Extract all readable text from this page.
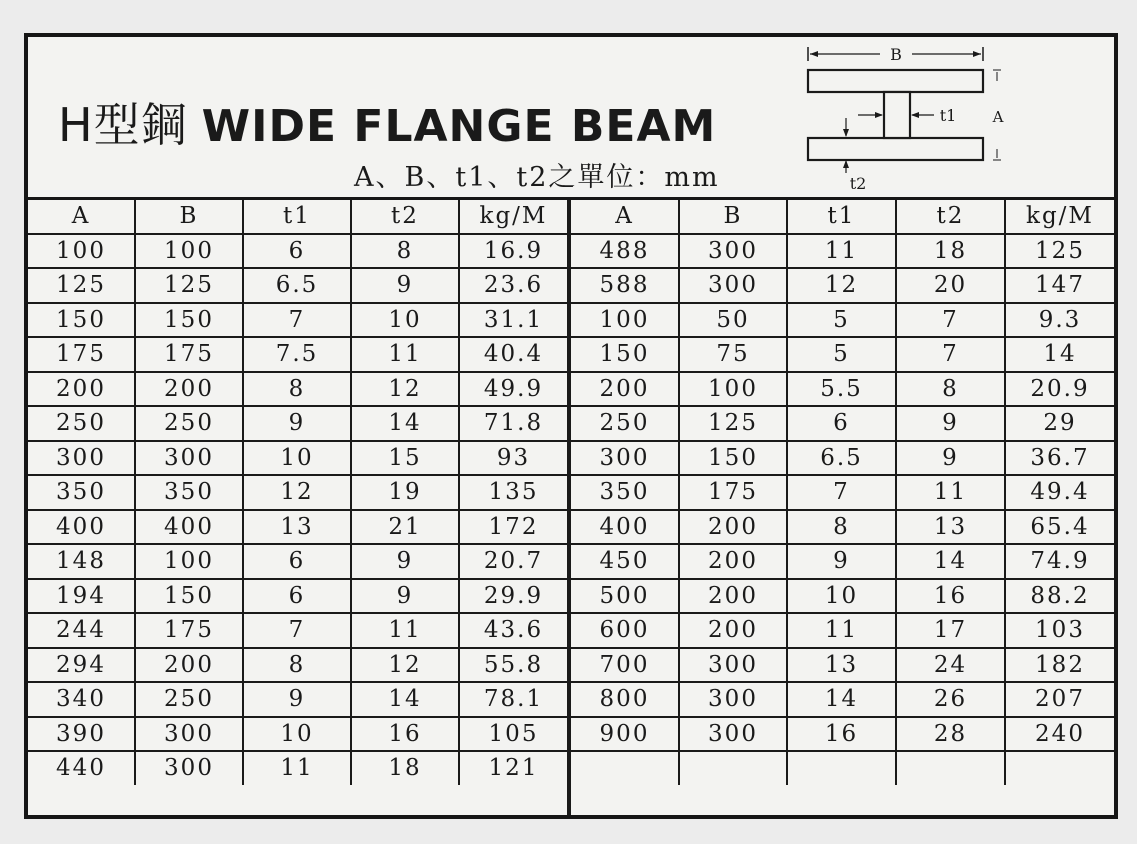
H型鋼 WIDE FLANGE BEAM
A、B、t1、t2之單位：mm
B
A
t1
t2
A	B	t1	t2	kg/M
100	100	6	8	16.9
125	125	6.5	9	23.6
150	150	7	10	31.1
175	175	7.5	11	40.4
200	200	8	12	49.9
250	250	9	14	71.8
300	300	10	15	93
350	350	12	19	135
400	400	13	21	172
148	100	6	9	20.7
194	150	6	9	29.9
244	175	7	11	43.6
294	200	8	12	55.8
340	250	9	14	78.1
390	300	10	16	105
440	300	11	18	121
A	B	t1	t2	kg/M
488	300	11	18	125
588	300	12	20	147
100	50	5	7	9.3
150	75	5	7	14
200	100	5.5	8	20.9
250	125	6	9	29
300	150	6.5	9	36.7
350	175	7	11	49.4
400	200	8	13	65.4
450	200	9	14	74.9
500	200	10	16	88.2
600	200	11	17	103
700	300	13	24	182
800	300	14	26	207
900	300	16	28	240
